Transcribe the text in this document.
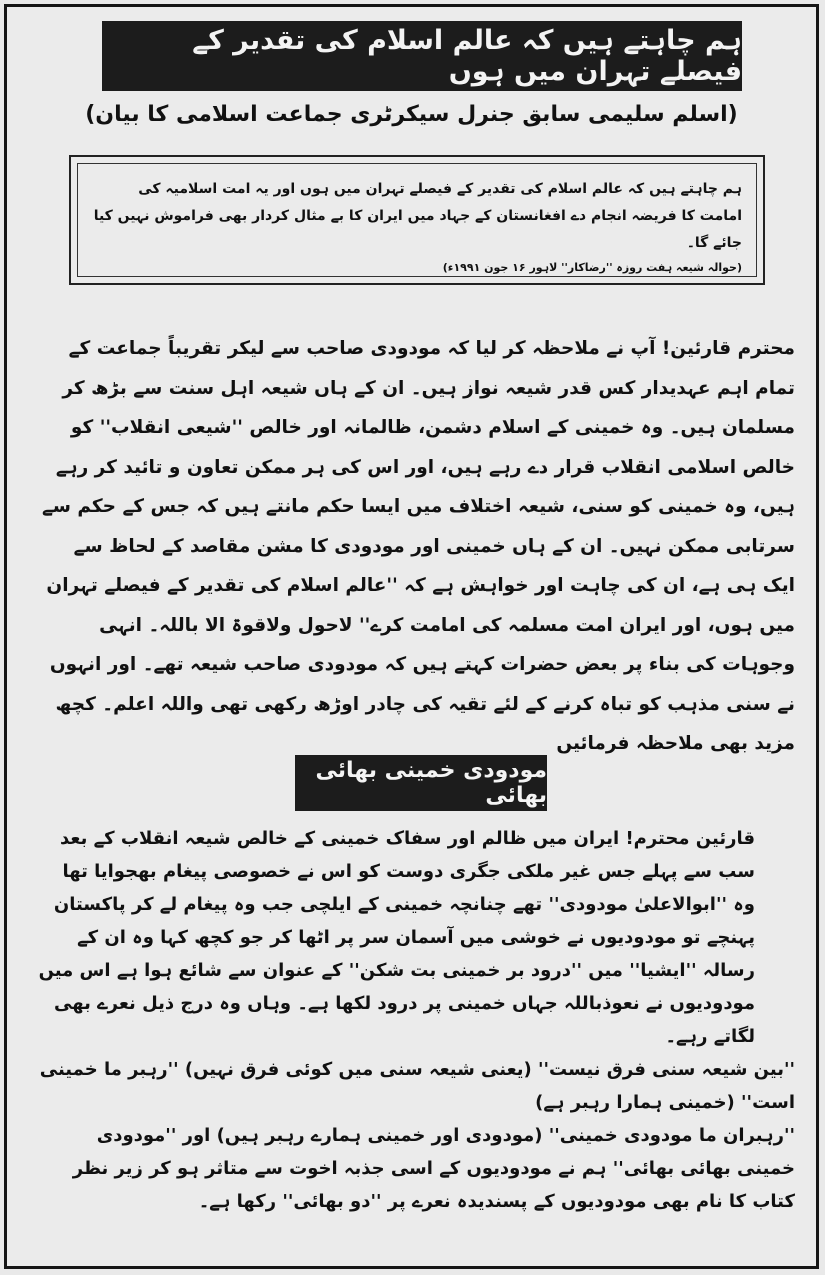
ہم چاہتے ہیں کہ عالم اسلام کی تقدیر کے فیصلے تہران میں ہوں
(اسلم سلیمی سابق جنرل سیکرٹری جماعت اسلامی کا بیان)
ہم چاہتے ہیں کہ عالم اسلام کی تقدیر کے فیصلے تہران میں ہوں اور یہ امت اسلامیہ کی امامت کا فریضہ انجام دے افغانستان کے جہاد میں ایران کا بے مثال کردار بھی فراموش نہیں کیا جائے گا۔
(حوالہ شیعہ ہفت روزہ ''رضاکار'' لاہور ۱۶ جون ۱۹۹۱ء)

محترم قارئین! آپ نے ملاحظہ کر لیا کہ مودودی صاحب سے لیکر تقریباً جماعت کے تمام اہم عہدیدار کس قدر شیعہ نواز ہیں۔ ان کے ہاں شیعہ اہل سنت سے بڑھ کر مسلمان ہیں۔ وہ خمینی کے اسلام دشمن، ظالمانہ اور خالص ''شیعی انقلاب'' کو خالص اسلامی انقلاب قرار دے رہے ہیں، اور اس کی ہر ممکن تعاون و تائید کر رہے ہیں، وہ خمینی کو سنی، شیعہ اختلاف میں ایسا حکم مانتے ہیں کہ جس کے حکم سے سرتابی ممکن نہیں۔ ان کے ہاں خمینی اور مودودی کا مشن مقاصد کے لحاظ سے ایک ہی ہے، ان کی چاہت اور خواہش ہے کہ ''عالم اسلام کی تقدیر کے فیصلے تہران میں ہوں، اور ایران امت مسلمہ کی امامت کرے'' لاحول ولاقوۃ الا باللہ۔ انہی وجوہات کی بناء پر بعض حضرات کہتے ہیں کہ مودودی صاحب شیعہ تھے۔ اور انہوں نے سنی مذہب کو تباہ کرنے کے لئے تقیہ کی چادر اوڑھ رکھی تھی واللہ اعلم۔ کچھ مزید بھی ملاحظہ فرمائیں

مودودی خمینی بھائی بھائی

قارئین محترم! ایران میں ظالم اور سفاک خمینی کے خالص شیعہ انقلاب کے بعد سب سے پہلے جس غیر ملکی جگری دوست کو اس نے خصوصی پیغام بھجوایا تھا وہ ''ابوالاعلیٰ مودودی'' تھے چنانچہ خمینی کے ایلچی جب وہ پیغام لے کر پاکستان پہنچے تو مودودیوں نے خوشی میں آسمان سر پر اٹھا کر جو کچھ کہا وہ ان کے رسالہ ''ایشیا'' میں ''درود بر خمینی بت شکن'' کے عنوان سے شائع ہوا ہے اس میں مودودیوں نے نعوذباللہ جہاں خمینی پر درود لکھا ہے۔ وہاں وہ درج ذیل نعرے بھی لگاتے رہے۔

''بین شیعہ سنی فرق نیست'' (یعنی شیعہ سنی میں کوئی فرق نہیں) ''رہبر ما خمینی است'' (خمینی ہمارا رہبر ہے)

''رہبران ما مودودی خمینی'' (مودودی اور خمینی ہمارے رہبر ہیں) اور ''مودودی خمینی بھائی بھائی'' ہم نے مودودیوں کے اسی جذبہ اخوت سے متاثر ہو کر زیر نظر کتاب کا نام بھی مودودیوں کے پسندیدہ نعرے پر ''دو بھائی'' رکھا ہے۔
